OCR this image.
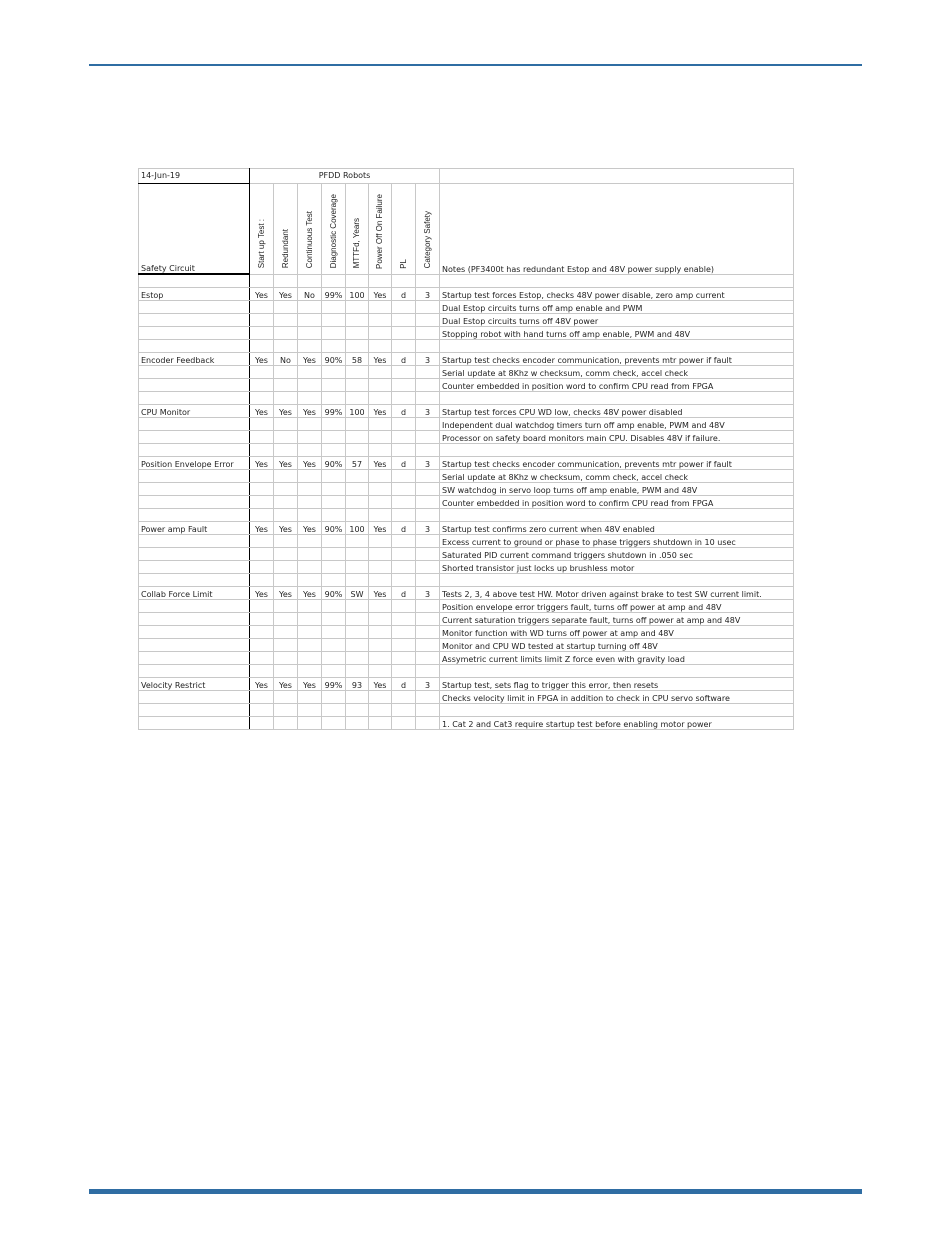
14-Jun-19	PFDD Robots								
Safety Circuit	Start up Test :	Redundant	Continuous Test	Diagnostic Coverage	MTTFd, Years	Power Off On Failure	PL	Category Safety	Notes (PF3400t has redundant Estop and 48V power supply enable)

Estop	Yes	Yes	No	99%	100	Yes	d	3	Startup test forces Estop, checks 48V power disable, zero amp current
									Dual Estop circuits turns off amp enable and PWM
									Dual Estop circuits turns off 48V power
									Stopping robot with hand turns off amp enable, PWM and 48V

Encoder Feedback	Yes	No	Yes	90%	58	Yes	d	3	Startup test checks encoder communication, prevents mtr power if fault
									Serial update at 8Khz w checksum, comm check, accel check
									Counter embedded in position word to confirm CPU read from FPGA

CPU Monitor	Yes	Yes	Yes	99%	100	Yes	d	3	Startup test forces CPU WD low, checks 48V power disabled
									Independent dual watchdog timers turn off amp enable, PWM and 48V
									Processor on safety board monitors main CPU. Disables 48V if failure.

Position Envelope Error	Yes	Yes	Yes	90%	57	Yes	d	3	Startup test checks encoder communication, prevents mtr power if fault
									Serial update at 8Khz w checksum, comm check, accel check
									SW watchdog in servo loop turns off amp enable, PWM and 48V
									Counter embedded in position word to confirm CPU read from FPGA

Power amp Fault	Yes	Yes	Yes	90%	100	Yes	d	3	Startup test confirms zero current when 48V enabled
									Excess current to ground or phase to phase triggers shutdown in 10 usec
									Saturated PID current command triggers shutdown in .050 sec
									Shorted transistor just locks up brushless motor

Collab Force Limit	Yes	Yes	Yes	90%	SW	Yes	d	3	Tests 2, 3, 4 above test HW. Motor driven against brake to test SW current limit.
									Position envelope error triggers fault, turns off power at amp and 48V
									Current saturation triggers separate fault, turns off power at amp and 48V
									Monitor function with WD turns off power at amp and 48V
									Monitor and CPU WD tested at startup turning off 48V
									Assymetric current limits limit Z force even with gravity load

Velocity Restrict	Yes	Yes	Yes	99%	93	Yes	d	3	Startup test, sets flag to trigger this error, then resets
									Checks velocity limit in FPGA in addition to check in CPU servo software

									1. Cat 2 and Cat3 require startup test before enabling motor power
